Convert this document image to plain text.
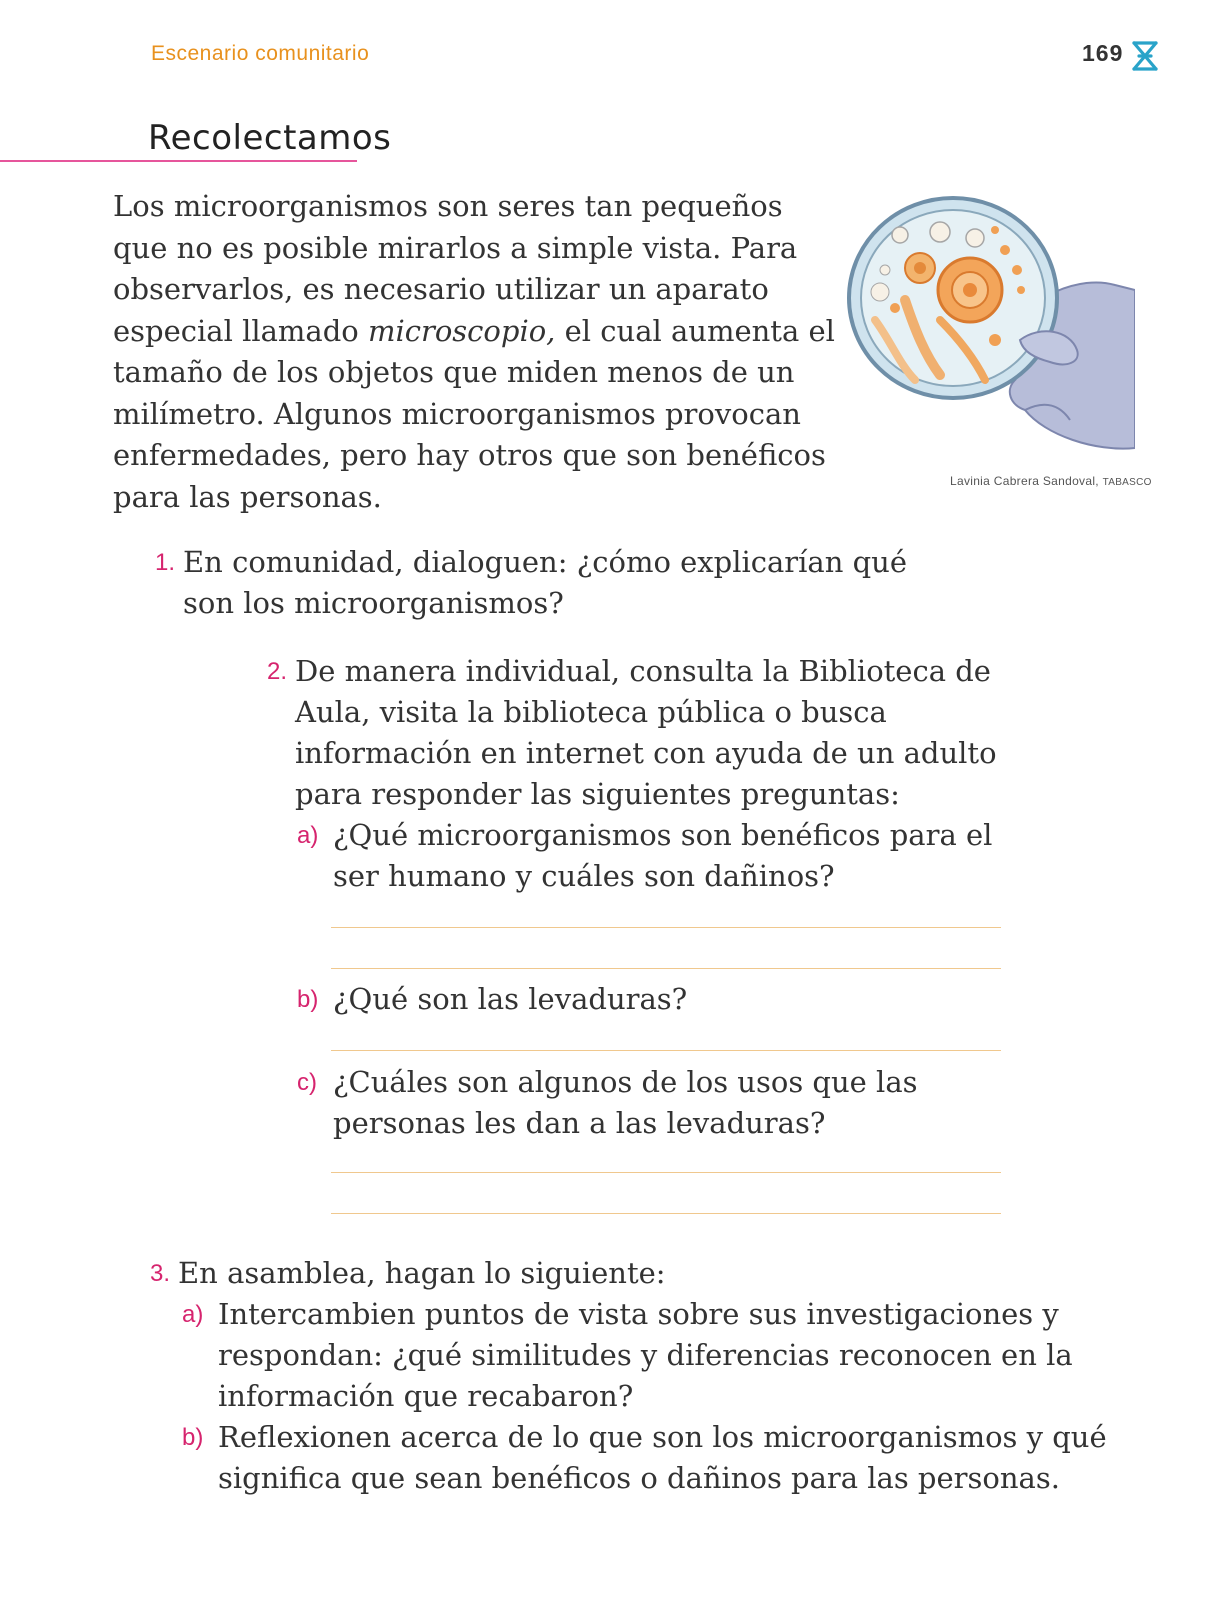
Escenario comunitario	169
Recolectamos
Los microorganismos son seres tan pequeños que no es posible mirarlos a simple vista. Para observarlos, es necesario utilizar un aparato especial llamado microscopio, el cual aumenta el tamaño de los objetos que miden menos de un milímetro. Algunos microorganismos provocan enfermedades, pero hay otros que son benéficos para las personas.	Lavinia Cabrera Sandoval, TABASCO
1. En comunidad, dialoguen: ¿cómo explicarían qué son los microorganismos?
2. De manera individual, consulta la Biblioteca de Aula, visita la biblioteca pública o busca información en internet con ayuda de un adulto para responder las siguientes preguntas:
a) ¿Qué microorganismos son benéficos para el ser humano y cuáles son dañinos?
b) ¿Qué son las levaduras?
c) ¿Cuáles son algunos de los usos que las personas les dan a las levaduras?
3. En asamblea, hagan lo siguiente:
a) Intercambien puntos de vista sobre sus investigaciones y respondan: ¿qué similitudes y diferencias reconocen en la información que recabaron?
b) Reflexionen acerca de lo que son los microorganismos y qué significa que sean benéficos o dañinos para las personas.
